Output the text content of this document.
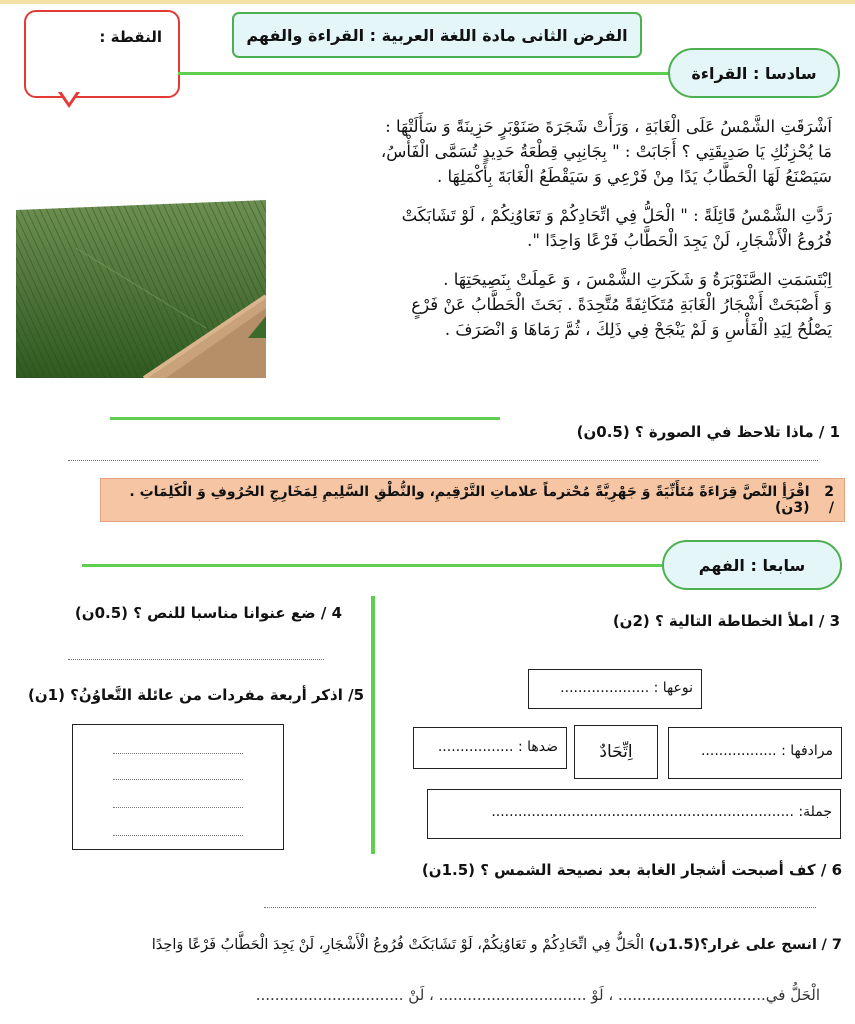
الفرض الثانى مادة اللغة العربية : القراءة والفهم
النقطة :
سادسا : القراءة

اَشْرَقَتِ الشَّمْسُ عَلَى الْغَابَةِ ، وَرَأَتْ شَجَرَةَ صَنَوْبَرٍ حَزِينَةً وَ سَأَلَتْهَا :

مَا يُحْزِنُكِ يَا صَدِيقَتِي ؟ أَجَابَتْ : " بِجَانِبِي قِطْعَةُ حَدِيدٍ تُسَمَّى الْفَأْسُ،

سَيَصْنَعُ لَهَا الْحَطَّابُ يَدًا مِنْ فَرْعِي وَ سَيَقْطَعُ الْغَابَةَ بِأَكْمَلِهَا .

رَدَّتِ الشَّمْسُ قَائِلَةً : " الْحَلُّ فِي اتِّحَادِكُمْ وَ تَعَاوُنِكُمْ ، لَوْ تَشَابَكَتْ

فُرُوعُ الْأَشْجَارِ، لَنْ يَجِدَ الْحَطَّابُ فَرْعًا وَاحِدًا ".

اِبْتَسَمَتِ الصَّنَوْبَرَةُ وَ شَكَرَتِ الشَّمْسَ ، وَ عَمِلَتْ بِنَصِيحَتِهَا .

وَ أَصْبَحَتْ أَشْجَارُ الْغَابَةِ مُتَكَاثِفَةً مُتَّحِدَةً . بَحَثَ الْحَطَّابُ عَنْ فَرْعٍ

يَصْلُحُ لِيَدِ الْفَأْسِ وَ لَمْ يَنْجَحْ فِي ذَلِكَ ، ثُمَّ رَمَاهَا وَ انْصَرَفَ .

1 / ماذا تلاحظ في الصورة ؟ (0.5ن)
2 /

اقْرَأِ النَّصَّ قِرَاءَةً مُتَأَنِّيَةً وَ جَهْرِيَّةً مُحْترماً علاماتِ التَّرْقِيمِ، والنُّطْقِ السَّلِيمِ لِمَخَارِجِ الحُرُوفِ وَ الْكَلِمَاتِ .(3ن)
سابعا : الفهم
3 / املأ الخطاطة التالية ؟ (2ن)
نوعها : ....................
مرادفها : .................
اِتِّحَادٌ
ضدها : .................
جملة: ....................................................................
4 / ضع عنوانا مناسبا للنص ؟ (0.5ن)
5/ اذكر أربعة مفردات من عائلة التَّعاوُنُ؟ (1ن)
6 / كف أصبحت أشجار الغابة بعد نصيحة الشمس ؟ (1.5ن)
7 / انسج على غرار؟(1.5ن) الْحَلُّ فِي اتِّحَادِكُمْ و تَعَاوُنِكُمْ، لَوْ تَشَابَكَتْ فُرُوعُ الْأَشْجَارِ، لَنْ يَجِدَ الْحَطَّابُ فَرْعًا وَاحِدًا
الْحَلُّ في............................... ، لَوْ ............................... ، لَنْ ...............................
